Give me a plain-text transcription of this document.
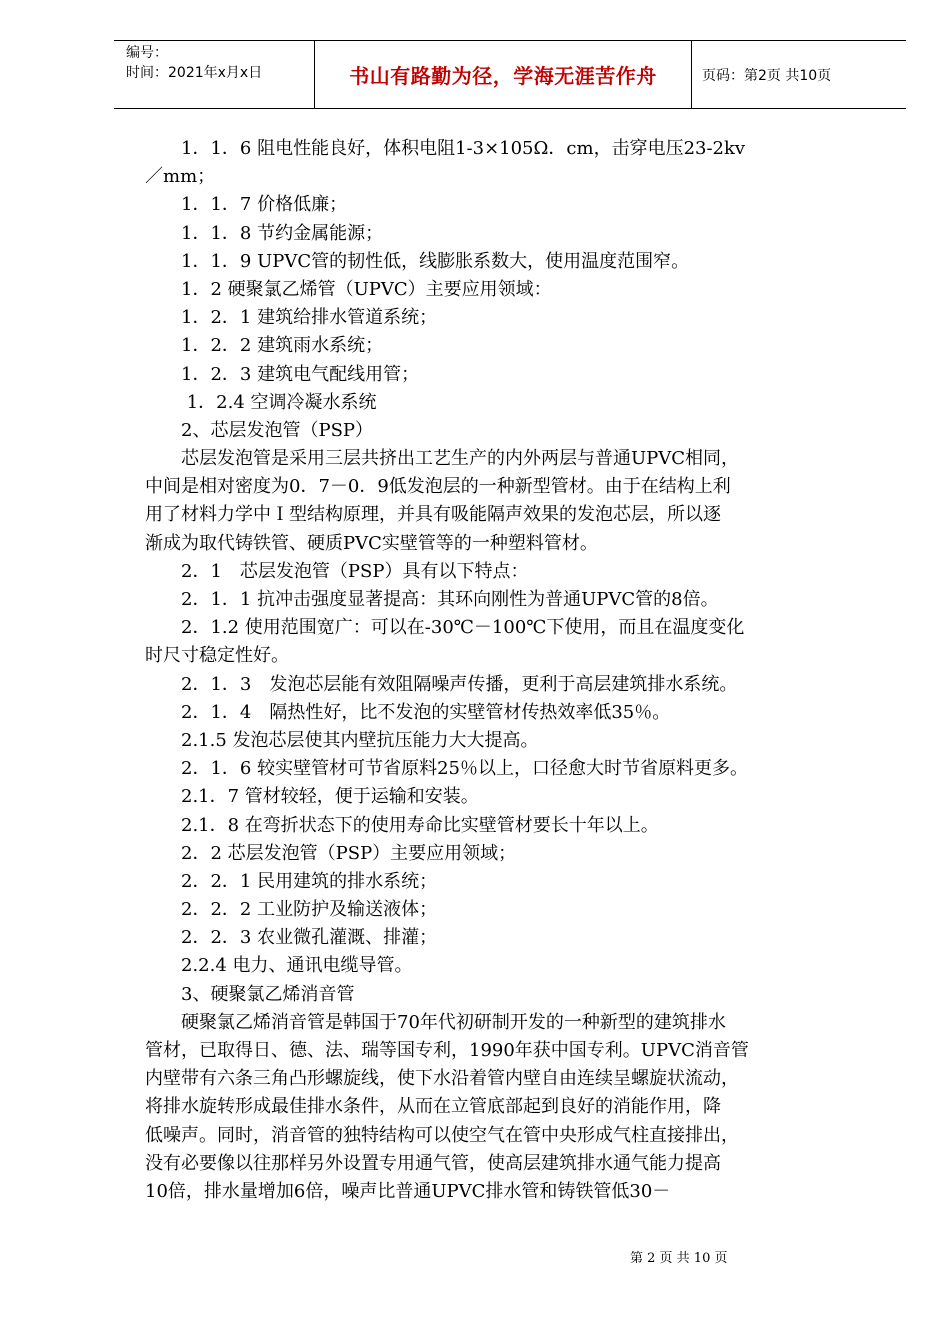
编号：
时间：2021年x月x日	书山有路勤为径，学海无涯苦作舟	页码：第2页 共10页
　　1．1．6 阻电性能良好，体积电阻1-3×105Ω．cm，击穿电压23-2kv
／mm；
　　1．1．7 价格低廉；
　　1．1．8 节约金属能源；
　　1．1．9 UPVC管的韧性低，线膨胀系数大，使用温度范围窄。
　　1．2 硬聚氯乙烯管（UPVC）主要应用领域：
　　1．2．1 建筑给排水管道系统；
　　1．2．2 建筑雨水系统；
　　1．2．3 建筑电气配线用管；
　　 1．2.4 空调冷凝水系统
　　2、芯层发泡管（PSP）
　　芯层发泡管是采用三层共挤出工艺生产的内外两层与普通UPVC相同，
中间是相对密度为0．7－0．9低发泡层的一种新型管材。由于在结构上利
用了材料力学中Ｉ型结构原理，并具有吸能隔声效果的发泡芯层，所以逐
渐成为取代铸铁管、硬质PVC实壁管等的一种塑料管材。
　　2．1　芯层发泡管（PSP）具有以下特点：
　　2．1．1 抗冲击强度显著提高：其环向刚性为普通UPVC管的8倍。
　　2．1.2 使用范围宽广：可以在-30℃－100℃下使用，而且在温度变化
时尺寸稳定性好。
　　2．1．3　发泡芯层能有效阻隔噪声传播，更利于高层建筑排水系统。
　　2．1．4　隔热性好，比不发泡的实壁管材传热效率低35％。
　　2.1.5 发泡芯层使其内壁抗压能力大大提高。
　　2．1．6 较实壁管材可节省原料25％以上，口径愈大时节省原料更多。
　　2.1．7 管材较轻，便于运输和安装。
　　2.1．8 在弯折状态下的使用寿命比实壁管材要长十年以上。
　　2．2 芯层发泡管（PSP）主要应用领域；
　　2．2．1 民用建筑的排水系统；
　　2．2．2 工业防护及输送液体；
　　2．2．3 农业微孔灌溉、排灌；
　　2.2.4 电力、通讯电缆导管。
　　3、硬聚氯乙烯消音管
　　硬聚氯乙烯消音管是韩国于70年代初研制开发的一种新型的建筑排水
管材，已取得日、德、法、瑞等国专利，1990年获中国专利。UPVC消音管
内壁带有六条三角凸形螺旋线，使下水沿着管内壁自由连续呈螺旋状流动，
将排水旋转形成最佳排水条件，从而在立管底部起到良好的消能作用，降
低噪声。同时，消音管的独特结构可以使空气在管中央形成气柱直接排出，
没有必要像以往那样另外设置专用通气管，使高层建筑排水通气能力提高
10倍，排水量增加6倍，噪声比普通UPVC排水管和铸铁管低30－
第 2 页 共 10 页
